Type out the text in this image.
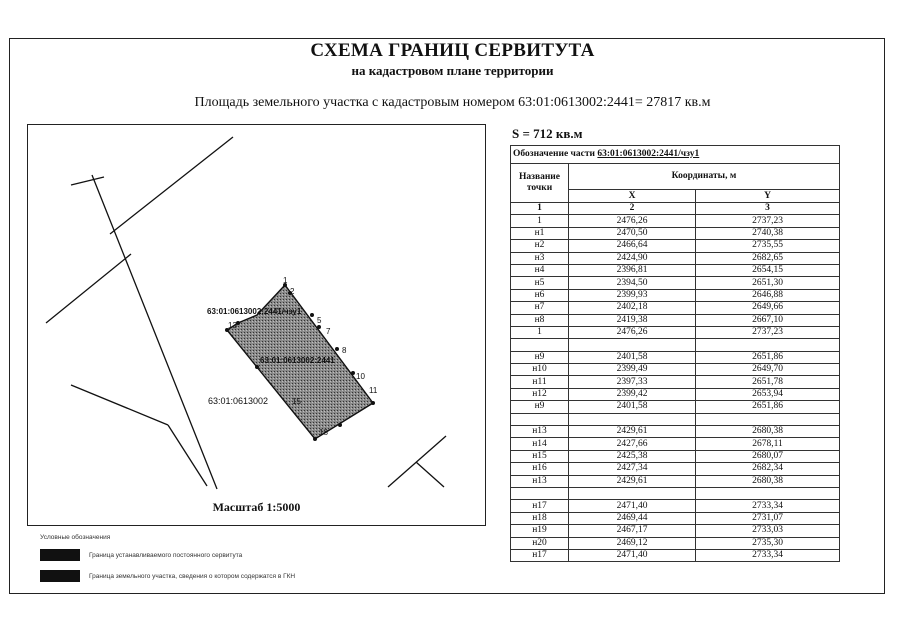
СХЕМА ГРАНИЦ СЕРВИТУТА
на кадастровом плане территории
Площадь земельного участка с кадастровым номером 63:01:0613002:2441= 27817 кв.м
1
2
5
7
8
10
11
13
15
18
63:01:0613002:2441/чзу1
63:01:0613002:2441
63:01:0613002
Масштаб 1:5000
S = 712 кв.м
Обозначение части 63:01:0613002:2441/чзу1		
Название точки	Координаты, м	
	X	Y
1	2	3
1	2476,26	2737,23
н1	2470,50	2740,38
н2	2466,64	2735,55
н3	2424,90	2682,65
н4	2396,81	2654,15
н5	2394,50	2651,30
н6	2399,93	2646,88
н7	2402,18	2649,66
н8	2419,38	2667,10
1	2476,26	2737,23

н9	2401,58	2651,86
н10	2399,49	2649,70
н11	2397,33	2651,78
н12	2399,42	2653,94
н9	2401,58	2651,86

н13	2429,61	2680,38
н14	2427,66	2678,11
н15	2425,38	2680,07
н16	2427,34	2682,34
н13	2429,61	2680,38

н17	2471,40	2733,34
н18	2469,44	2731,07
н19	2467,17	2733,03
н20	2469,12	2735,30
н17	2471,40	2733,34
Условные обозначения
Граница устанавливаемого постоянного сервитута
Граница земельного участка, сведения о котором содержатся в ГКН
